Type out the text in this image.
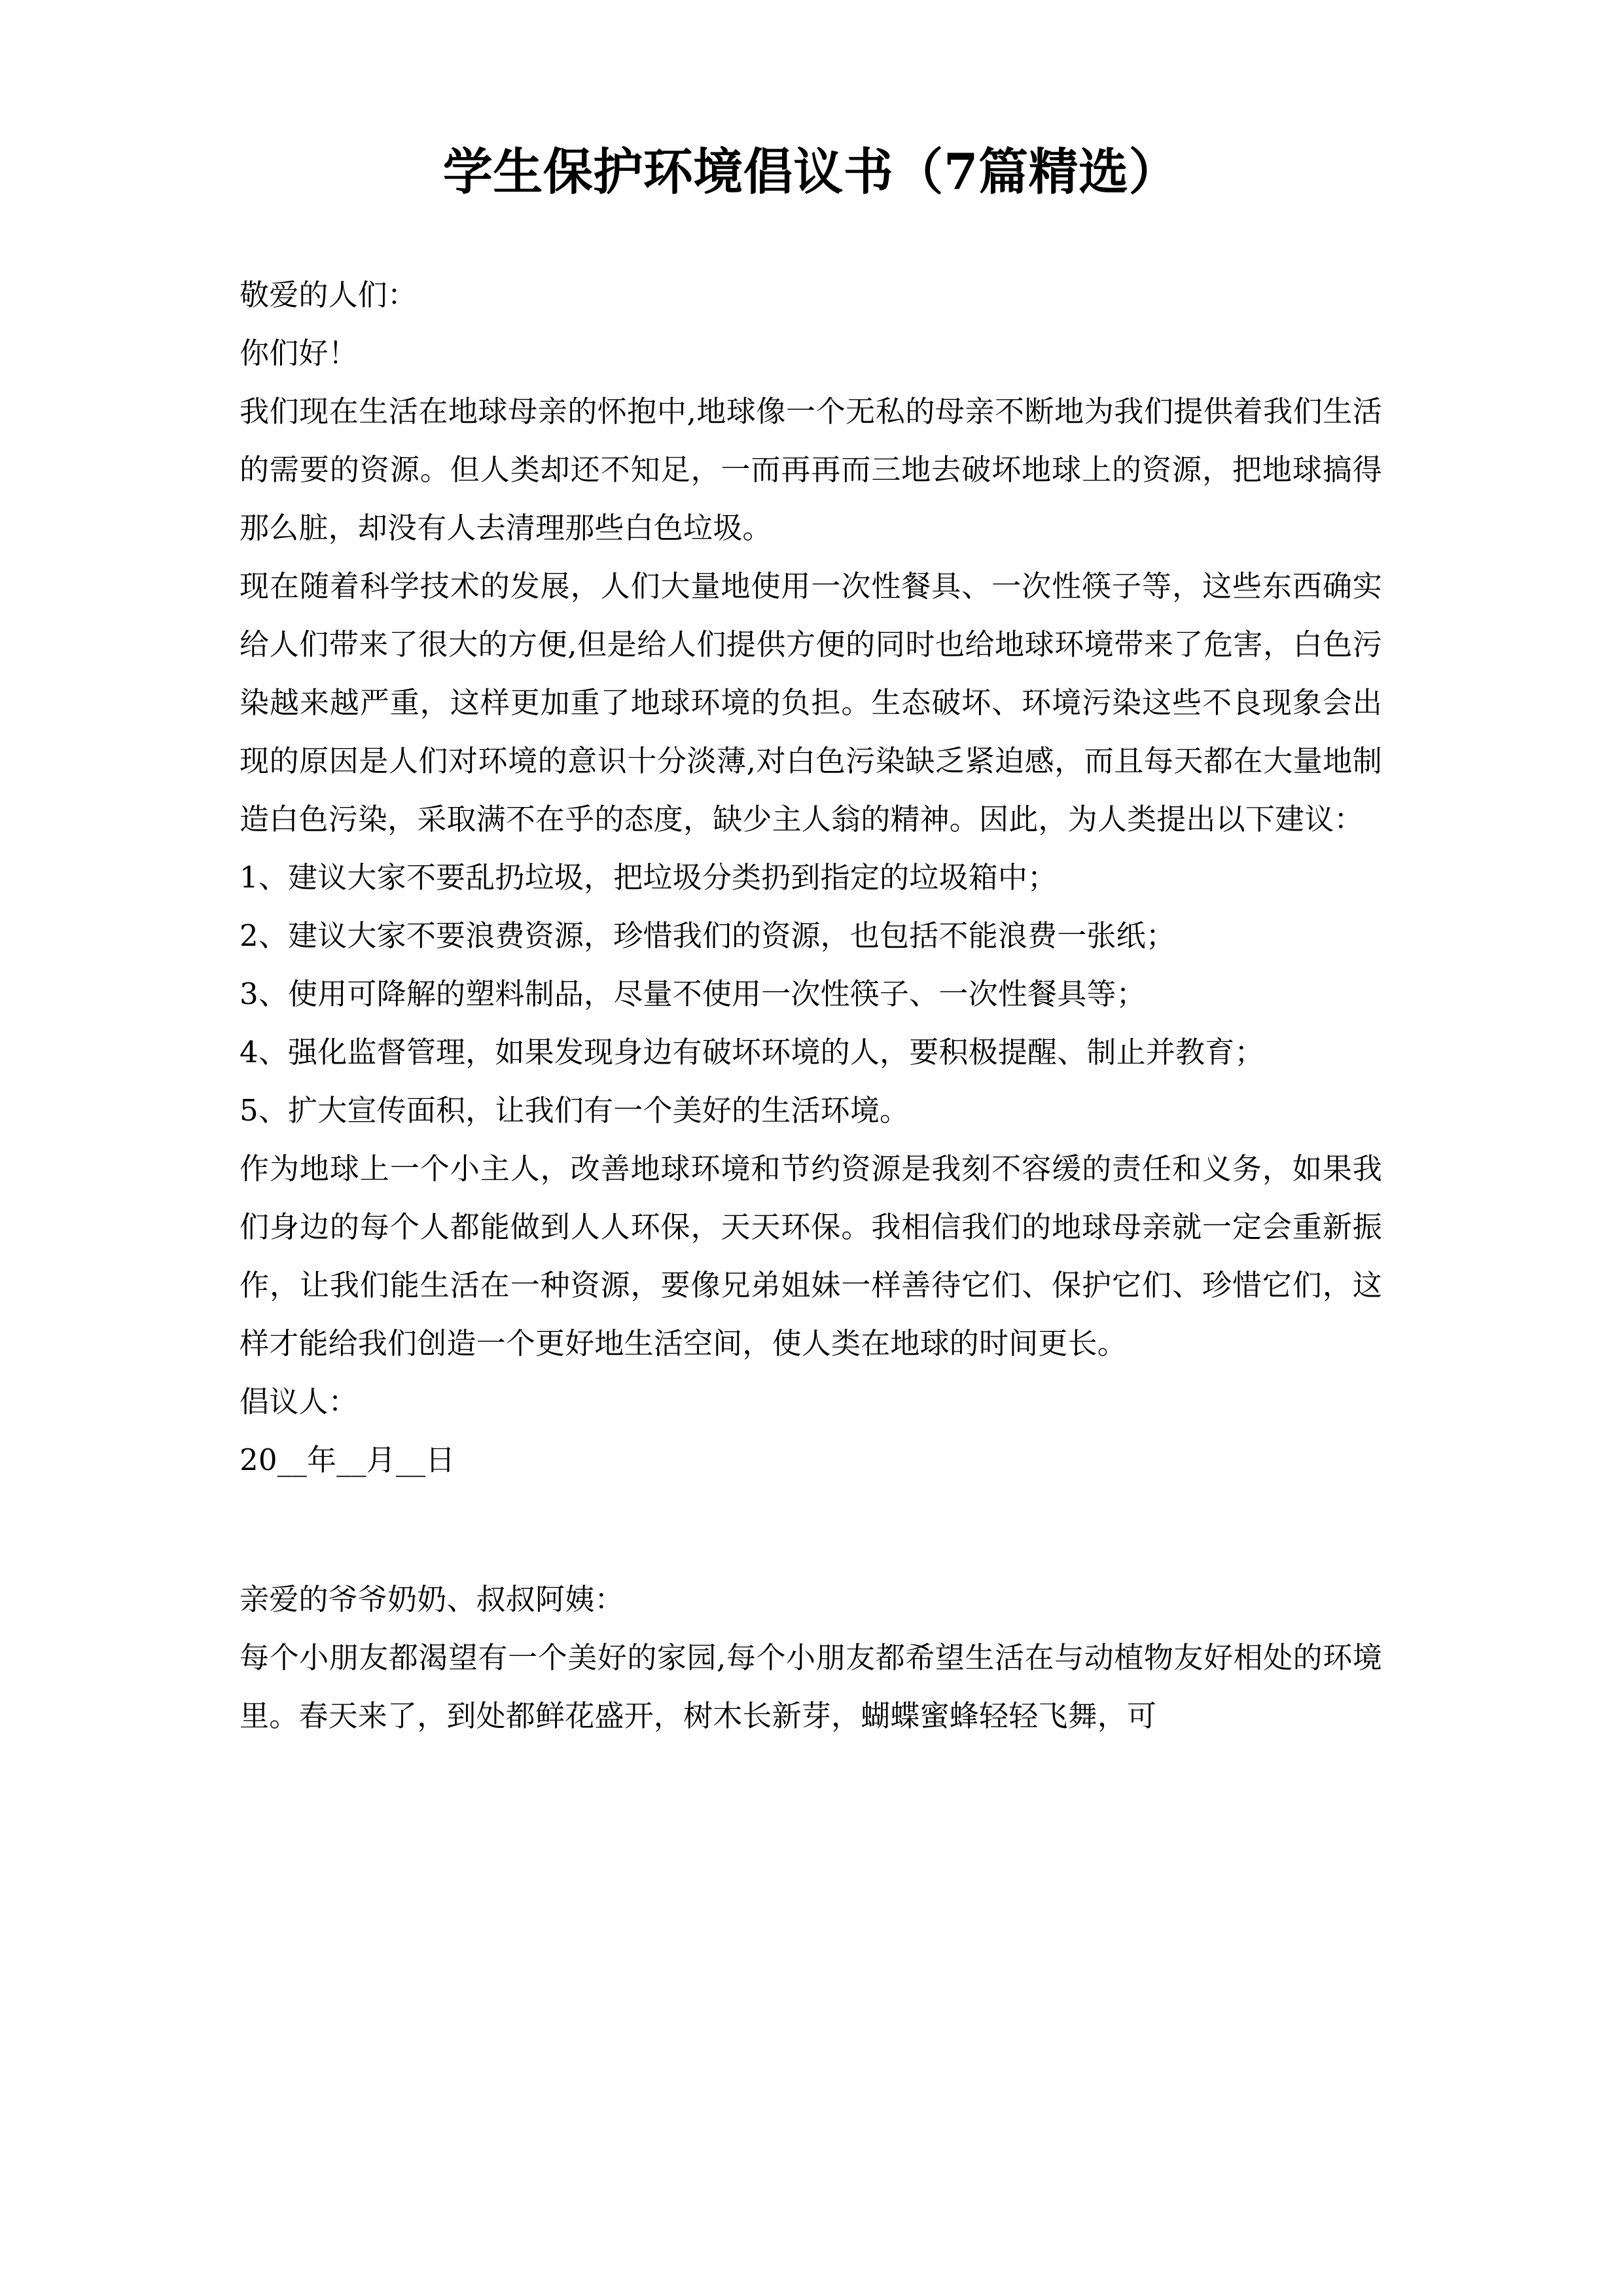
学生保护环境倡议书（7篇精选）

敬爱的人们：

你们好！

我们现在生活在地球母亲的怀抱中,地球像一个无私的母亲不断地为我们提供着我们生活的需要的资源。但人类却还不知足，一而再再而三地去破坏地球上的资源，把地球搞得那么脏，却没有人去清理那些白色垃圾。

现在随着科学技术的发展，人们大量地使用一次性餐具、一次性筷子等，这些东西确实给人们带来了很大的方便,但是给人们提供方便的同时也给地球环境带来了危害，白色污染越来越严重，这样更加重了地球环境的负担。生态破坏、环境污染这些不良现象会出现的原因是人们对环境的意识十分淡薄,对白色污染缺乏紧迫感，而且每天都在大量地制造白色污染，采取满不在乎的态度，缺少主人翁的精神。因此，为人类提出以下建议：

1、建议大家不要乱扔垃圾，把垃圾分类扔到指定的垃圾箱中；

2、建议大家不要浪费资源，珍惜我们的资源，也包括不能浪费一张纸；

3、使用可降解的塑料制品，尽量不使用一次性筷子、一次性餐具等；

4、强化监督管理，如果发现身边有破坏环境的人，要积极提醒、制止并教育；

5、扩大宣传面积，让我们有一个美好的生活环境。

作为地球上一个小主人，改善地球环境和节约资源是我刻不容缓的责任和义务，如果我们身边的每个人都能做到人人环保，天天环保。我相信我们的地球母亲就一定会重新振作，让我们能生活在一种资源，要像兄弟姐妹一样善待它们、保护它们、珍惜它们，这样才能给我们创造一个更好地生活空间，使人类在地球的时间更长。

倡议人：

20__年__月__日

亲爱的爷爷奶奶、叔叔阿姨：

每个小朋友都渴望有一个美好的家园,每个小朋友都希望生活在与动植物友好相处的环境里。春天来了，到处都鲜花盛开，树木长新芽，蝴蝶蜜蜂轻轻飞舞，可
